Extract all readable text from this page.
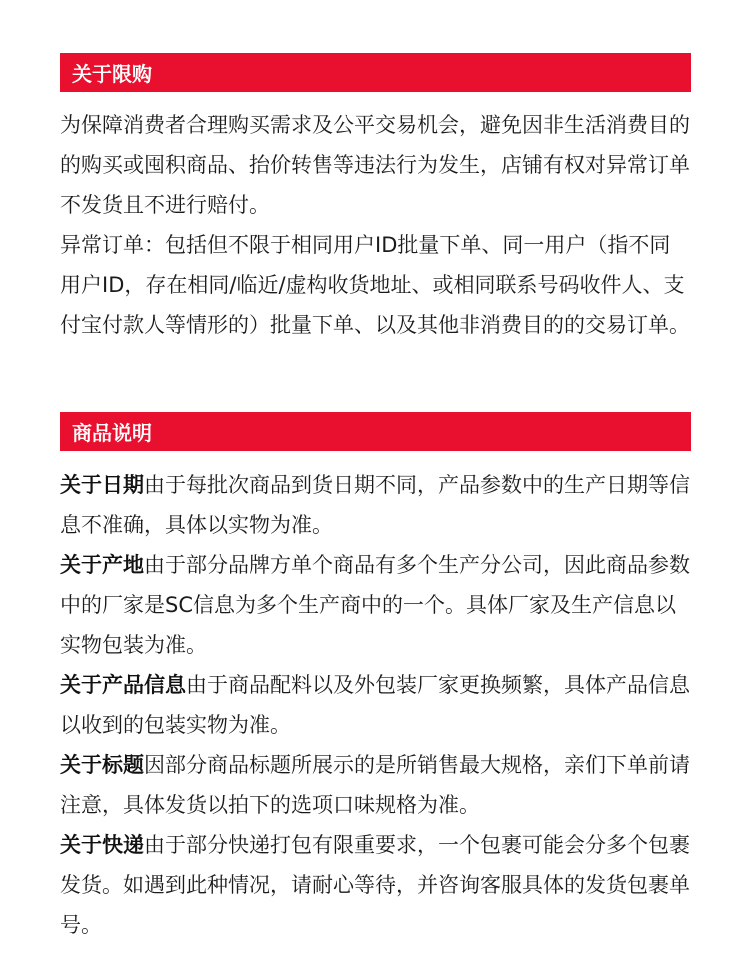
关于限购

为保障消费者合理购买需求及公平交易机会，避免因非生活消费目的的购买或囤积商品、抬价转售等违法行为发生，店铺有权对异常订单不发货且不进行赔付。

异常订单：包括但不限于相同用户ID批量下单、同一用户（指不同用户ID，存在相同/临近/虚构收货地址、或相同联系号码收件人、支付宝付款人等情形的）批量下单、以及其他非消费目的的交易订单。

商品说明

关于日期由于每批次商品到货日期不同，产品参数中的生产日期等信息不准确，具体以实物为准。

关于产地由于部分品牌方单个商品有多个生产分公司，因此商品参数中的厂家是SC信息为多个生产商中的一个。具体厂家及生产信息以实物包装为准。

关于产品信息由于商品配料以及外包装厂家更换频繁，具体产品信息以收到的包装实物为准。

关于标题因部分商品标题所展示的是所销售最大规格，亲们下单前请注意，具体发货以拍下的选项口味规格为准。

关于快递由于部分快递打包有限重要求，一个包裹可能会分多个包裹发货。如遇到此种情况，请耐心等待，并咨询客服具体的发货包裹单号。
